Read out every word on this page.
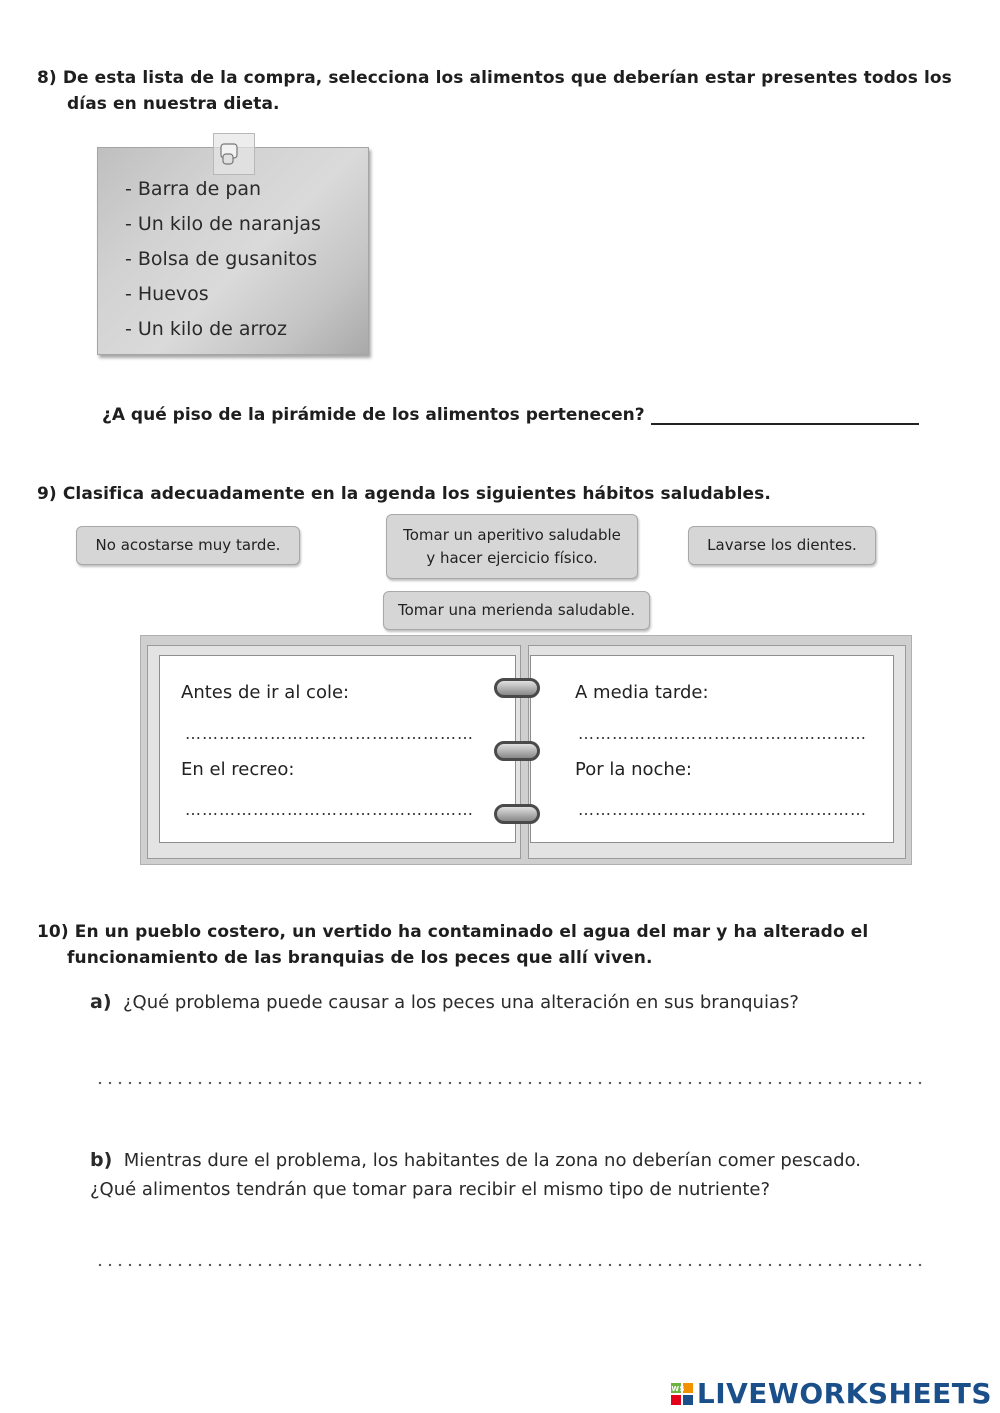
8) De esta lista de la compra, selecciona los alimentos que deberían estar presentes todos los
días en nuestra dieta.
- Barra de pan
- Un kilo de naranjas
- Bolsa de gusanitos
- Huevos
- Un kilo de arroz
¿A qué piso de la pirámide de los alimentos pertenecen?
9) Clasifica adecuadamente en la agenda los siguientes hábitos saludables.
No acostarse muy tarde.
Tomar un aperitivo saludable
y hacer ejercicio físico.
Lavarse los dientes.
Tomar una merienda saludable.
Antes de ir al cole:
……………………………………………
En el recreo:
……………………………………………
A media tarde:
……………………………………………
Por la noche:
……………………………………………
10) En un pueblo costero, un vertido ha contaminado el agua del mar y ha alterado el
funcionamiento de las branquias de los peces que allí viven.
a) ¿Qué problema puede causar a los peces una alteración en sus branquias?
b) Mientras dure el problema, los habitantes de la zona no deberían comer pescado.
¿Qué alimentos tendrán que tomar para recibir el mismo tipo de nutriente?
LWS LIVEWORKSHEETS
